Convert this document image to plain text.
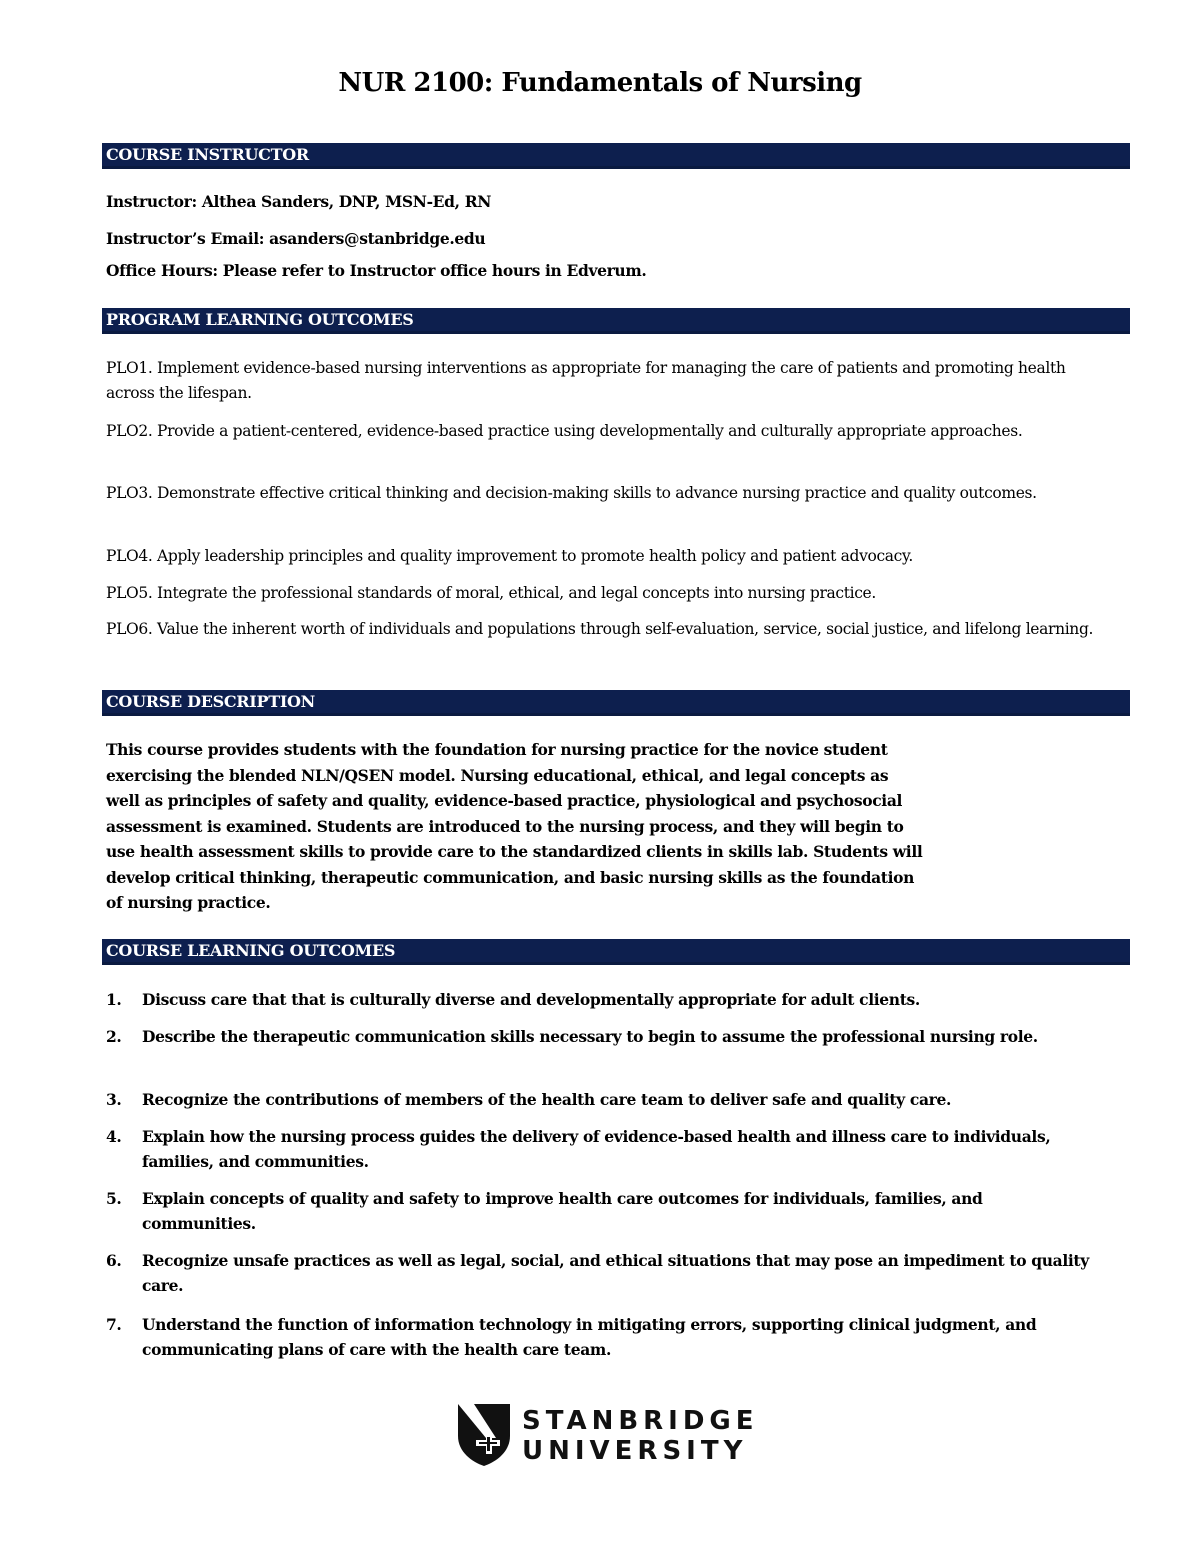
NUR 2100: Fundamentals of Nursing
COURSE INSTRUCTOR
Instructor: Althea Sanders, DNP, MSN-Ed, RN
Instructor’s Email: asanders@stanbridge.edu
Office Hours: Please refer to Instructor office hours in Edverum.
PROGRAM LEARNING OUTCOMES
PLO1. Implement evidence-based nursing interventions as appropriate for managing the care of patients and promoting health across the lifespan.
PLO2. Provide a patient-centered, evidence-based practice using developmentally and culturally appropriate approaches.
PLO3. Demonstrate effective critical thinking and decision-making skills to advance nursing practice and quality outcomes.
PLO4. Apply leadership principles and quality improvement to promote health policy and patient advocacy.
PLO5. Integrate the professional standards of moral, ethical, and legal concepts into nursing practice.
PLO6. Value the inherent worth of individuals and populations through self-evaluation, service, social justice, and lifelong learning.
COURSE DESCRIPTION
This course provides students with the foundation for nursing practice for the novice student
exercising the blended NLN/QSEN model. Nursing educational, ethical, and legal concepts as
well as principles of safety and quality, evidence-based practice, physiological and psychosocial
assessment is examined. Students are introduced to the nursing process, and they will begin to
use health assessment skills to provide care to the standardized clients in skills lab. Students will
develop critical thinking, therapeutic communication, and basic nursing skills as the foundation
of nursing practice.
COURSE LEARNING OUTCOMES
1.	Discuss care that that is culturally diverse and developmentally appropriate for adult clients.
2.	Describe the therapeutic communication skills necessary to begin to assume the professional nursing role.
3.	Recognize the contributions of members of the health care team to deliver safe and quality care.
4.	Explain how the nursing process guides the delivery of evidence-based health and illness care to individuals, families, and communities.
5.	Explain concepts of quality and safety to improve health care outcomes for individuals, families, and communities.
6.	Recognize unsafe practices as well as legal, social, and ethical situations that may pose an impediment to quality care.
7.	Understand the function of information technology in mitigating errors, supporting clinical judgment, and communicating plans of care with the health care team.
STANBRIDGE
UNIVERSITY
